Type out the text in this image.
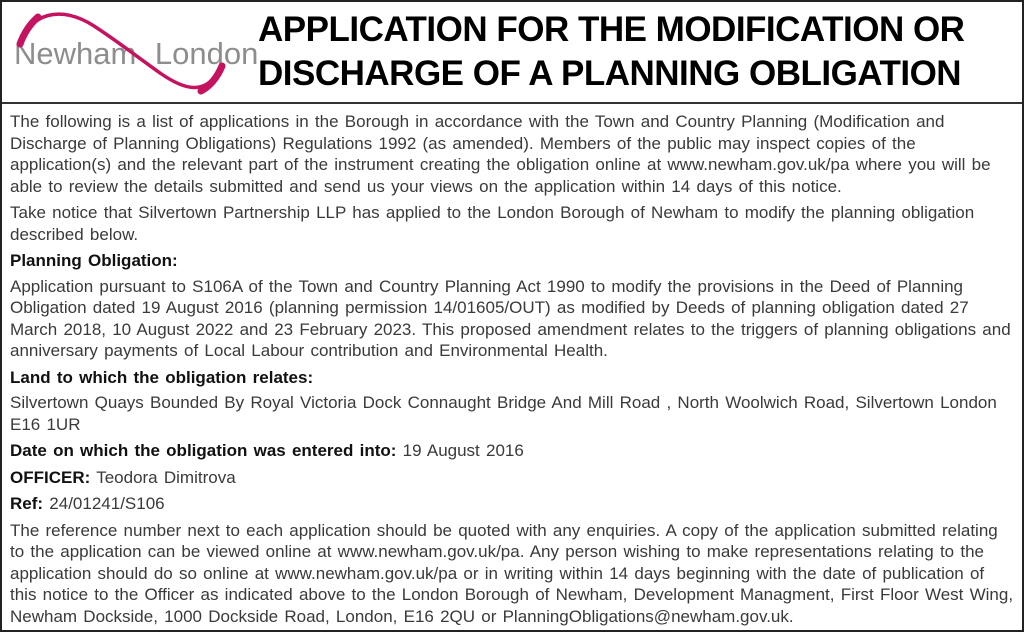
Newham London
APPLICATION FOR THE MODIFICATION OR
DISCHARGE OF A PLANNING OBLIGATION

The following is a list of applications in the Borough in accordance with the Town and Country Planning (Modification and Discharge of Planning Obligations) Regulations 1992 (as amended). Members of the public may inspect copies of the application(s) and the relevant part of the instrument creating the obligation online at www.newham.gov.uk/pa where you will be able to review the details submitted and send us your views on the application within 14 days of this notice.

Take notice that Silvertown Partnership LLP has applied to the London Borough of Newham to modify the planning obligation described below.

Planning Obligation:

Application pursuant to S106A of the Town and Country Planning Act 1990 to modify the provisions in the Deed of Planning Obligation dated 19 August 2016 (planning permission 14/01605/OUT) as modified by Deeds of planning obligation dated 27 March 2018, 10 August 2022 and 23 February 2023. This proposed amendment relates to the triggers of planning obligations and anniversary payments of Local Labour contribution and Environmental Health.

Land to which the obligation relates:

Silvertown Quays Bounded By Royal Victoria Dock Connaught Bridge And Mill Road , North Woolwich Road, Silvertown London E16 1UR

Date on which the obligation was entered into: 19 August 2016
OFFICER: Teodora Dimitrova
Ref: 24/01241/S106

The reference number next to each application should be quoted with any enquiries. A copy of the application submitted relating to the application can be viewed online at www.newham.gov.uk/pa. Any person wishing to make representations relating to the application should do so online at www.newham.gov.uk/pa or in writing within 14 days beginning with the date of publication of this notice to the Officer as indicated above to the London Borough of Newham, Development Managment, First Floor West Wing, Newham Dockside, 1000 Dockside Road, London, E16 2QU or PlanningObligations@newham.gov.uk.
